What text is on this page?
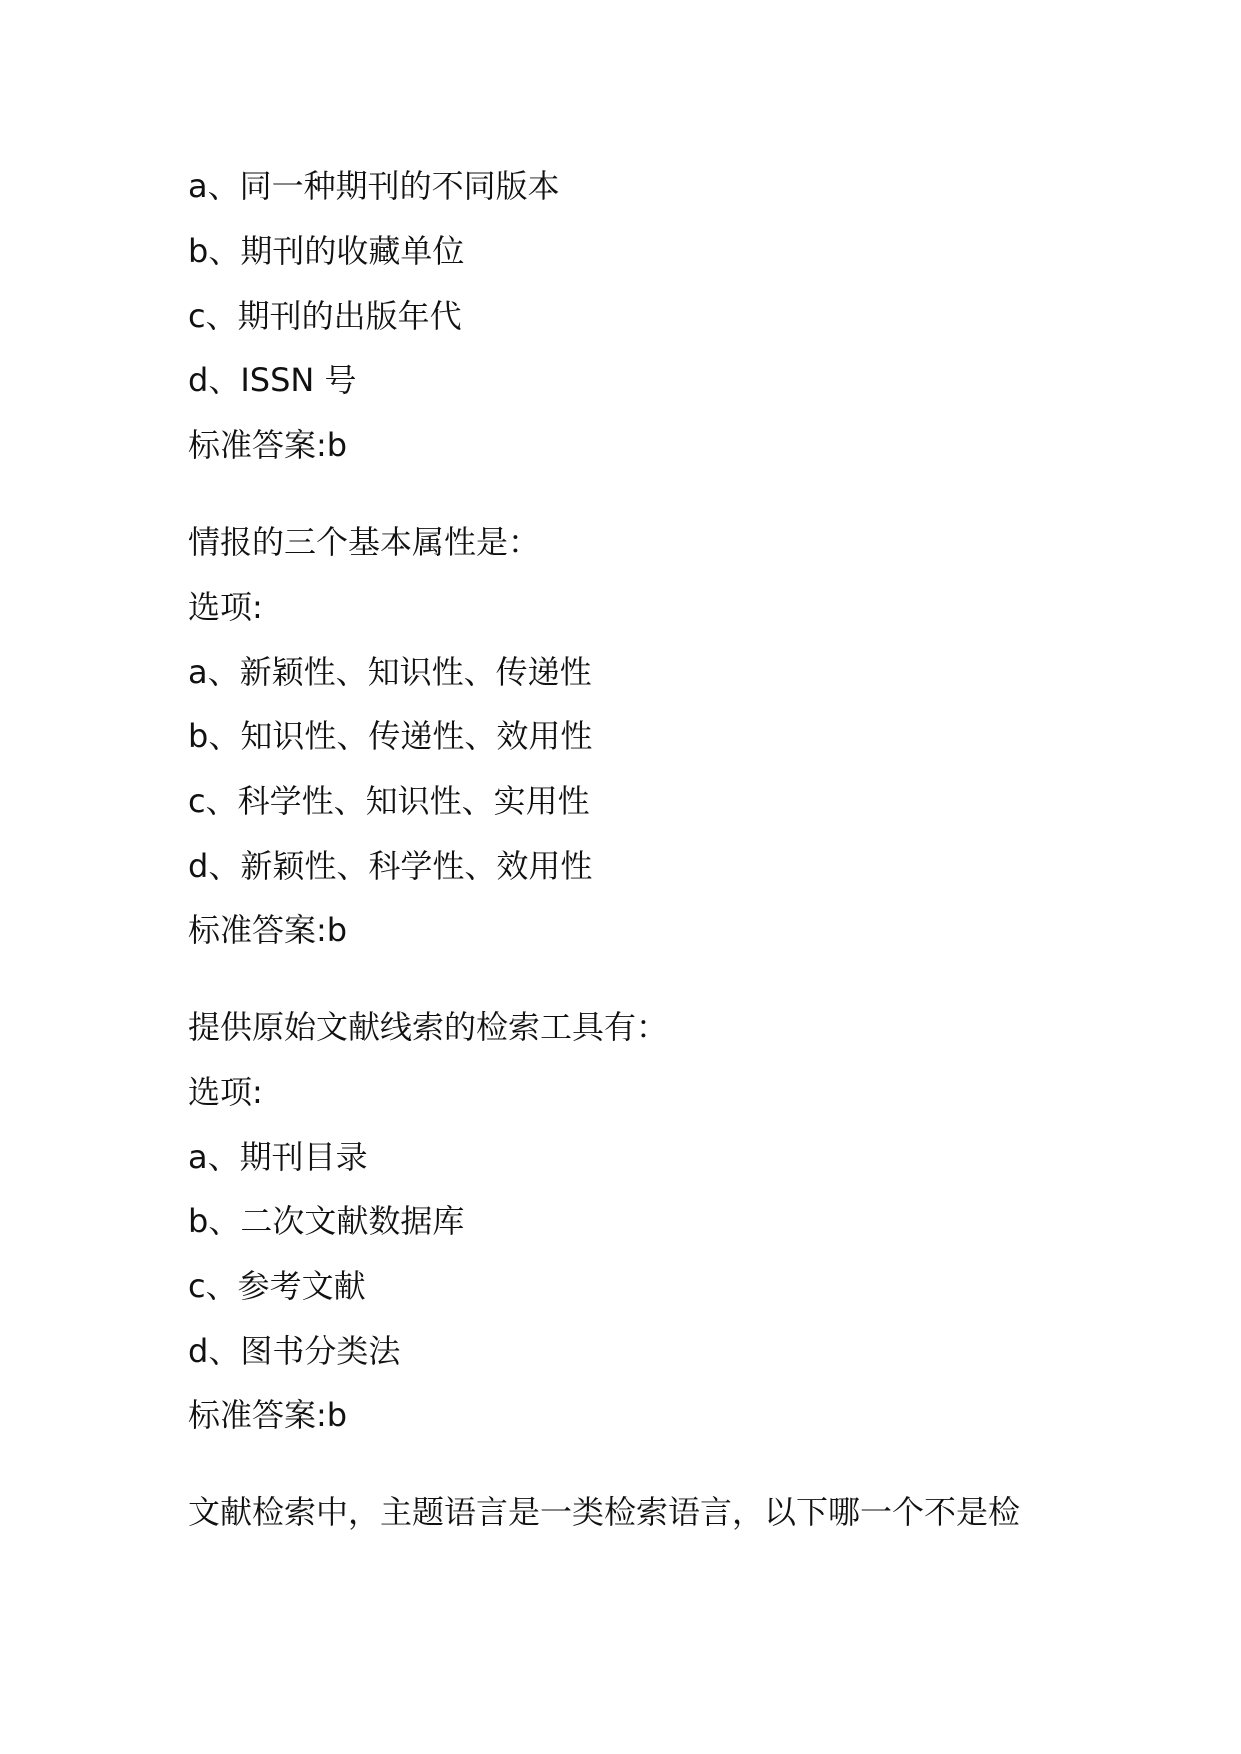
a、同一种期刊的不同版本
b、期刊的收藏单位
c、期刊的出版年代
d、ISSN 号
标准答案:b
情报的三个基本属性是：
选项:
a、新颖性、知识性、传递性
b、知识性、传递性、效用性
c、科学性、知识性、实用性
d、新颖性、科学性、效用性
标准答案:b
提供原始文献线索的检索工具有：
选项:
a、期刊目录
b、二次文献数据库
c、参考文献
d、图书分类法
标准答案:b
文献检索中，主题语言是一类检索语言，以下哪一个不是检
